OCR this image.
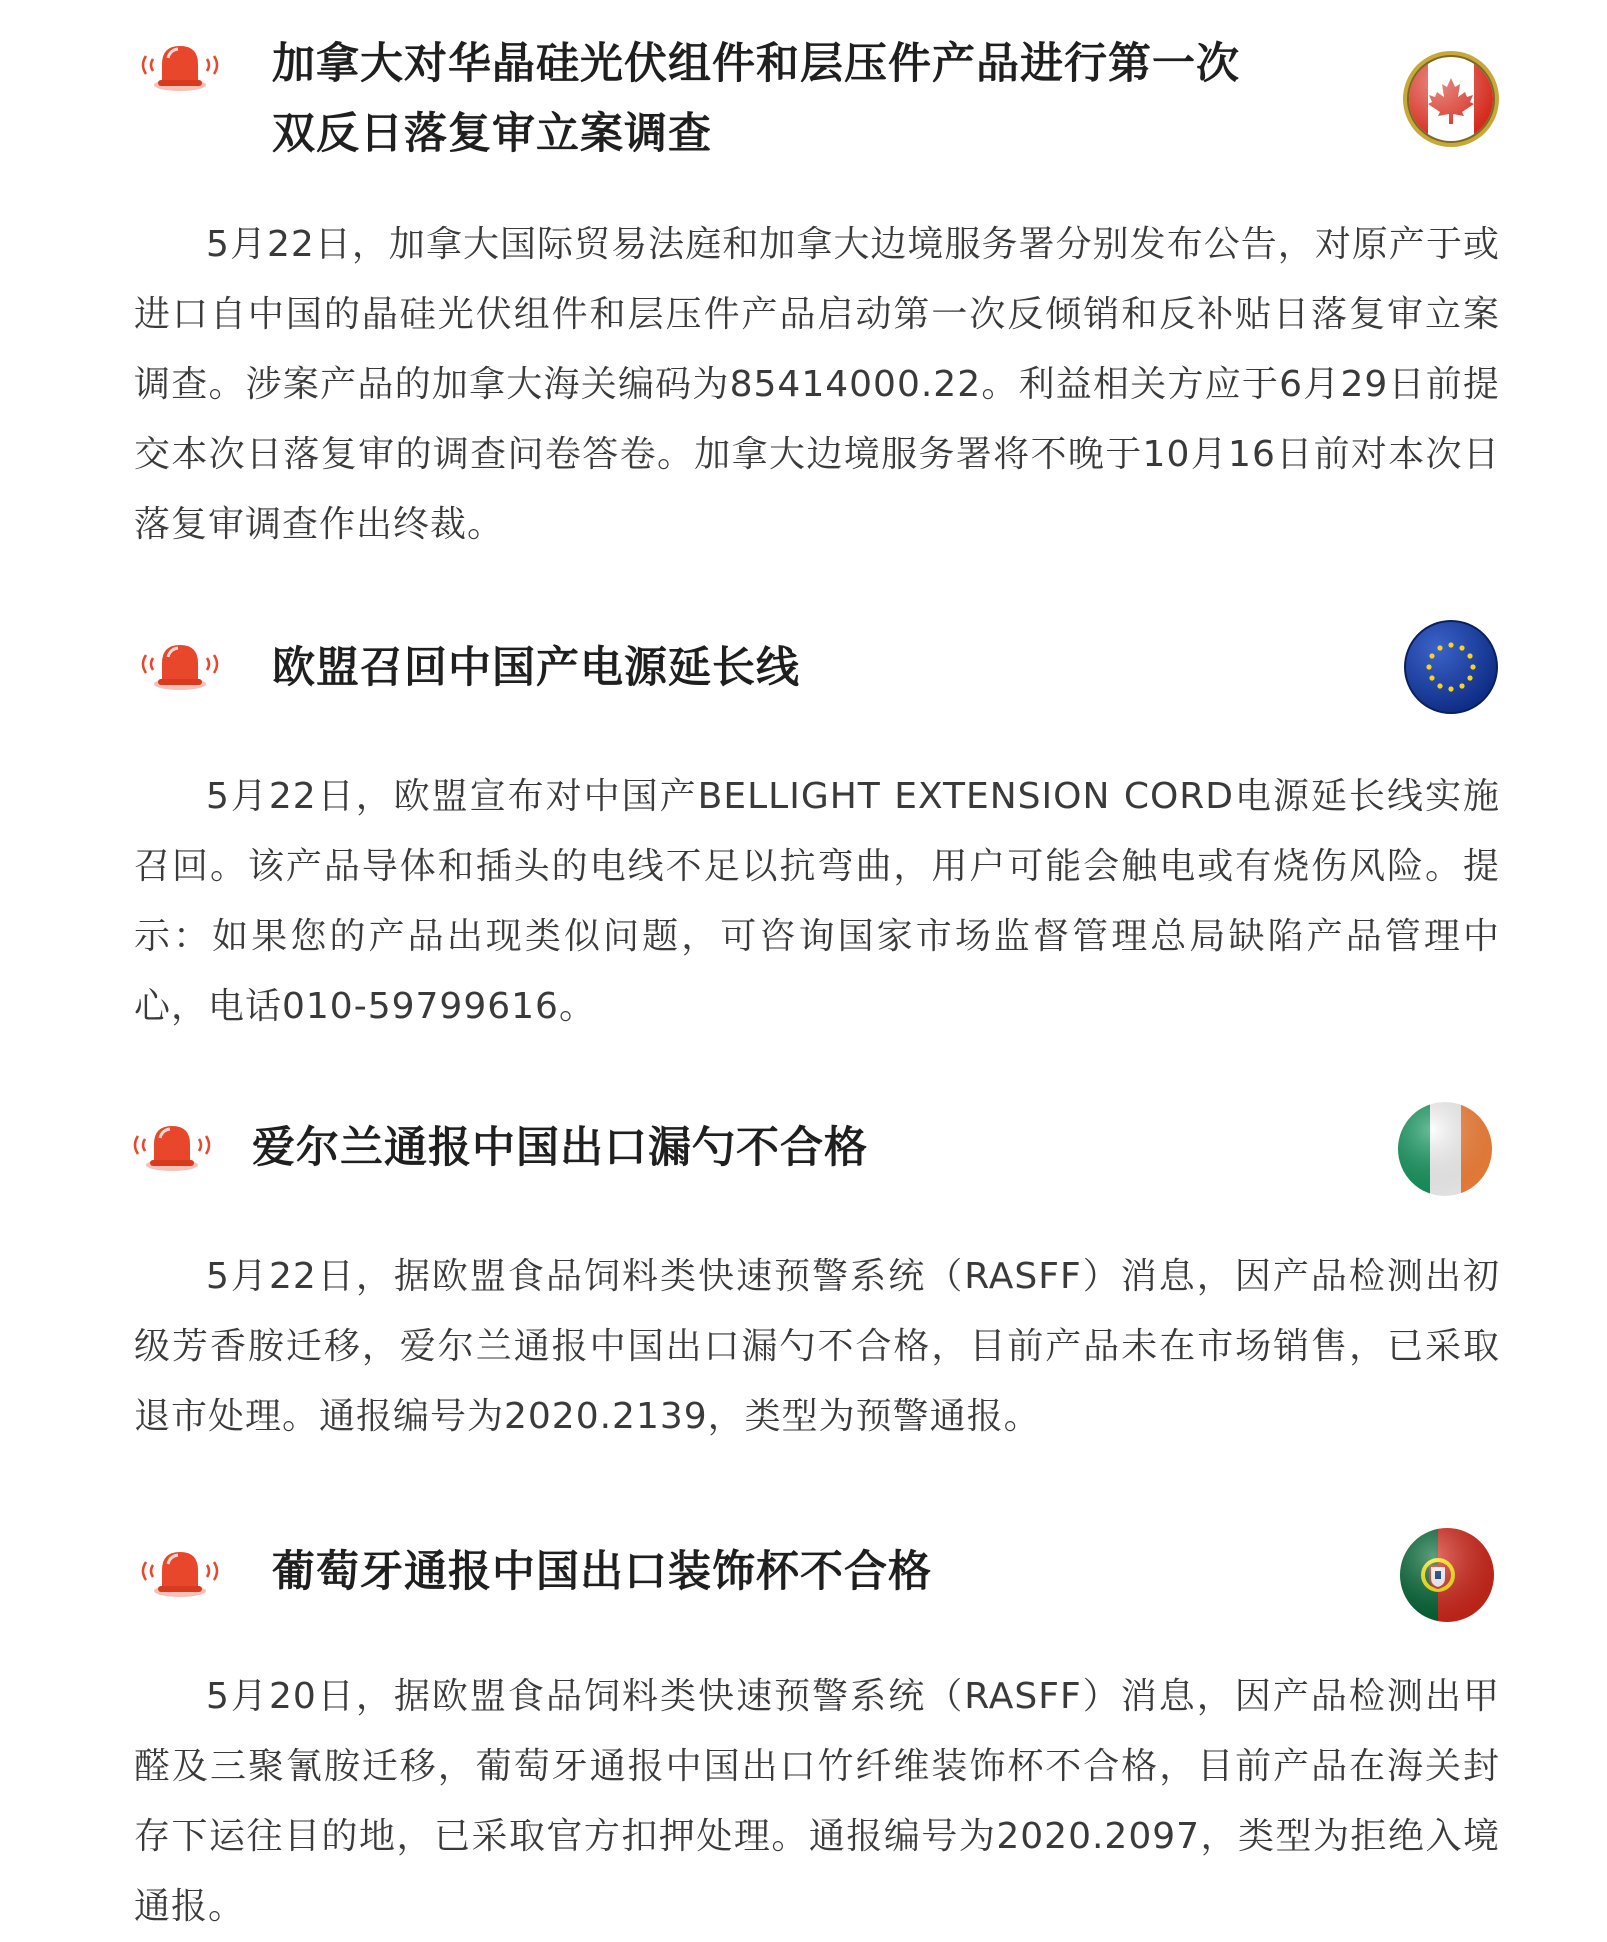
加拿大对华晶硅光伏组件和层压件产品进行第一次
双反日落复审立案调查

5月22日，加拿大国际贸易法庭和加拿大边境服务署分别发布公告，对原产于或进口自中国的晶硅光伏组件和层压件产品启动第一次反倾销和反补贴日落复审立案调查。涉案产品的加拿大海关编码为85414000.22。利益相关方应于6月29日前提交本次日落复审的调查问卷答卷。加拿大边境服务署将不晚于10月16日前对本次日落复审调查作出终裁。

欧盟召回中国产电源延长线

5月22日，欧盟宣布对中国产BELLIGHT EXTENSION CORD电源延长线实施召回。该产品导体和插头的电线不足以抗弯曲，用户可能会触电或有烧伤风险。提示：如果您的产品出现类似问题，可咨询国家市场监督管理总局缺陷产品管理中心，电话010-59799616。

爱尔兰通报中国出口漏勺不合格

5月22日，据欧盟食品饲料类快速预警系统（RASFF）消息，因产品检测出初级芳香胺迁移，爱尔兰通报中国出口漏勺不合格，目前产品未在市场销售，已采取退市处理。通报编号为2020.2139，类型为预警通报。

葡萄牙通报中国出口装饰杯不合格

5月20日，据欧盟食品饲料类快速预警系统（RASFF）消息，因产品检测出甲醛及三聚氰胺迁移，葡萄牙通报中国出口竹纤维装饰杯不合格，目前产品在海关封存下运往目的地，已采取官方扣押处理。通报编号为2020.2097，类型为拒绝入境通报。
